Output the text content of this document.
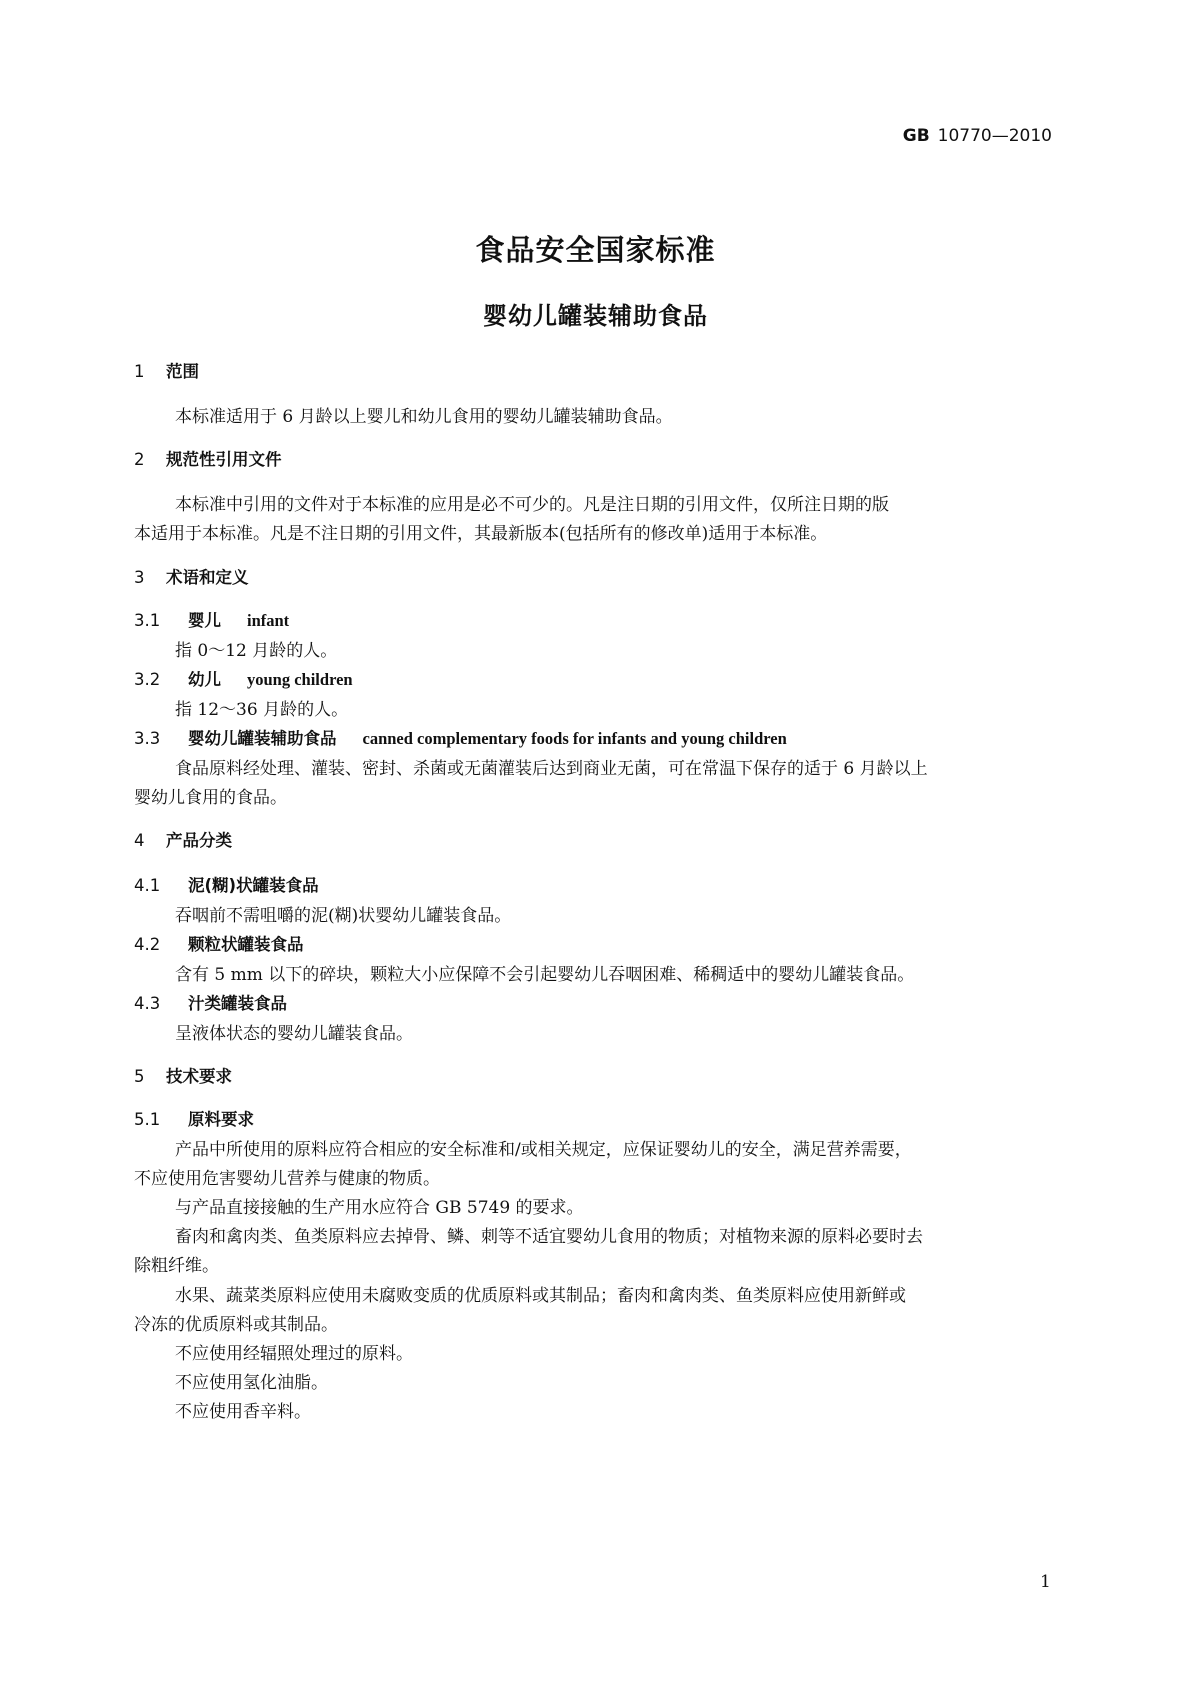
GB 10770—2010
食品安全国家标准
婴幼儿罐装辅助食品
1 范围
本标准适用于 6 月龄以上婴儿和幼儿食用的婴幼儿罐装辅助食品。
2 规范性引用文件
本标准中引用的文件对于本标准的应用是必不可少的。凡是注日期的引用文件，仅所注日期的版
本适用于本标准。凡是不注日期的引用文件，其最新版本(包括所有的修改单)适用于本标准。
3 术语和定义
3.1 婴儿 infant
指 0～12 月龄的人。
3.2 幼儿 young children
指 12～36 月龄的人。
3.3 婴幼儿罐装辅助食品 canned complementary foods for infants and young children
食品原料经处理、灌装、密封、杀菌或无菌灌装后达到商业无菌，可在常温下保存的适于 6 月龄以上
婴幼儿食用的食品。
4 产品分类
4.1 泥(糊)状罐装食品
吞咽前不需咀嚼的泥(糊)状婴幼儿罐装食品。
4.2 颗粒状罐装食品
含有 5 mm 以下的碎块，颗粒大小应保障不会引起婴幼儿吞咽困难、稀稠适中的婴幼儿罐装食品。
4.3 汁类罐装食品
呈液体状态的婴幼儿罐装食品。
5 技术要求
5.1 原料要求
产品中所使用的原料应符合相应的安全标准和/或相关规定，应保证婴幼儿的安全，满足营养需要，
不应使用危害婴幼儿营养与健康的物质。
与产品直接接触的生产用水应符合 GB 5749 的要求。
畜肉和禽肉类、鱼类原料应去掉骨、鳞、刺等不适宜婴幼儿食用的物质；对植物来源的原料必要时去
除粗纤维。
水果、蔬菜类原料应使用未腐败变质的优质原料或其制品；畜肉和禽肉类、鱼类原料应使用新鲜或
冷冻的优质原料或其制品。
不应使用经辐照处理过的原料。
不应使用氢化油脂。
不应使用香辛料。
1
